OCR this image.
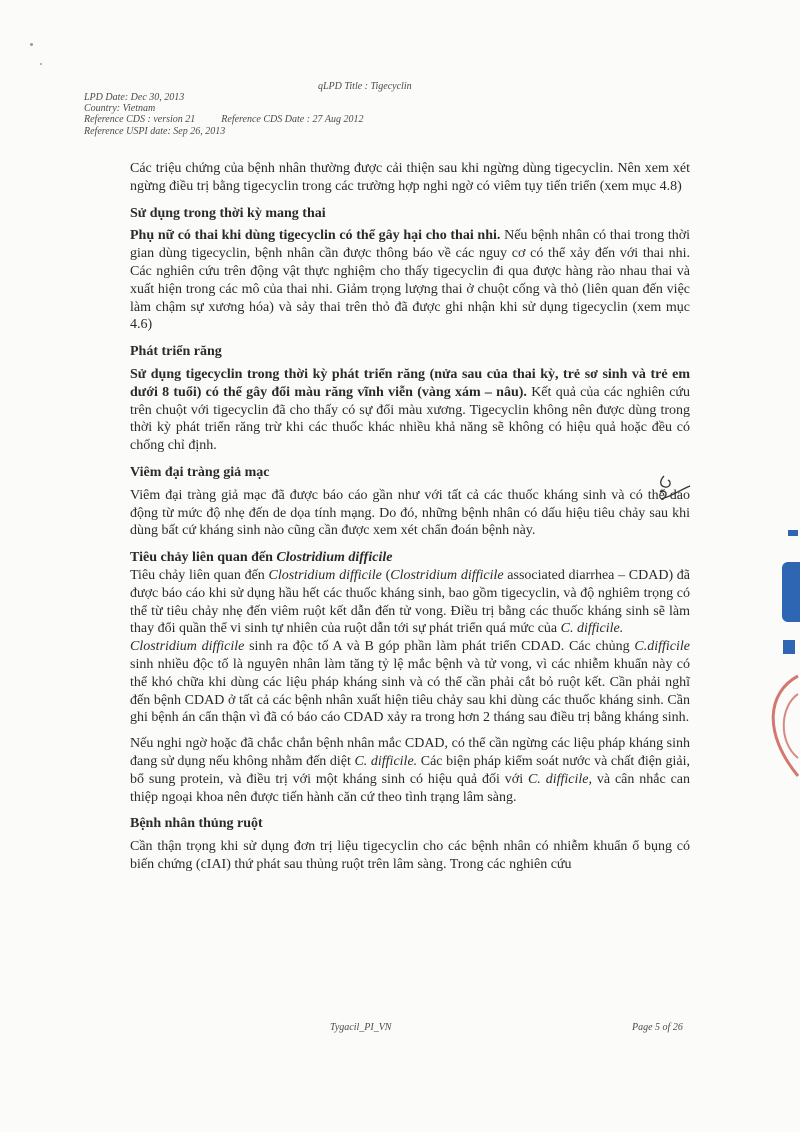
qLPD Title : Tigecyclin
LPD Date: Dec 30, 2013
Country: Vietnam
Reference CDS : version 21	Reference CDS Date : 27 Aug 2012
Reference USPI date: Sep 26, 2013

Các triệu chứng của bệnh nhân thường được cải thiện sau khi ngừng dùng tigecyclin. Nên xem xét ngừng điều trị bằng tigecyclin trong các trường hợp nghi ngờ có viêm tụy tiến triển (xem mục 4.8)

Sử dụng trong thời kỳ mang thai

Phụ nữ có thai khi dùng tigecyclin có thể gây hại cho thai nhi. Nếu bệnh nhân có thai trong thời gian dùng tigecyclin, bệnh nhân cần được thông báo về các nguy cơ có thể xảy đến với thai nhi. Các nghiên cứu trên động vật thực nghiệm cho thấy tigecyclin đi qua được hàng rào nhau thai và xuất hiện trong các mô của thai nhi. Giảm trọng lượng thai ở chuột cống và thỏ (liên quan đến việc làm chậm sự xương hóa) và sảy thai trên thỏ đã được ghi nhận khi sử dụng tigecyclin (xem mục 4.6)

Phát triển răng

Sử dụng tigecyclin trong thời kỳ phát triển răng (nửa sau của thai kỳ, trẻ sơ sinh và trẻ em dưới 8 tuổi) có thể gây đổi màu răng vĩnh viễn (vàng xám – nâu). Kết quả của các nghiên cứu trên chuột với tigecyclin đã cho thấy có sự đổi màu xương. Tigecyclin không nên được dùng trong thời kỳ phát triển răng trừ khi các thuốc khác nhiều khả năng sẽ không có hiệu quả hoặc đều có chống chỉ định.

Viêm đại tràng giả mạc

Viêm đại tràng giả mạc đã được báo cáo gần như với tất cả các thuốc kháng sinh và có thể dao động từ mức độ nhẹ đến de dọa tính mạng. Do đó, những bệnh nhân có dấu hiệu tiêu chảy sau khi dùng bất cứ kháng sinh nào cũng cần được xem xét chẩn đoán bệnh này.

Tiêu chảy liên quan đến Clostridium difficile

Tiêu chảy liên quan đến Clostridium difficile (Clostridium difficile associated diarrhea – CDAD) đã được báo cáo khi sử dụng hầu hết các thuốc kháng sinh, bao gồm tigecyclin, và độ nghiêm trọng có thể từ tiêu chảy nhẹ đến viêm ruột kết dẫn đến tử vong. Điều trị bằng các thuốc kháng sinh sẽ làm thay đổi quần thể vi sinh tự nhiên của ruột dẫn tới sự phát triển quá mức của C. difficile.

Clostridium difficile sinh ra độc tố A và B góp phần làm phát triển CDAD. Các chủng C.difficile sinh nhiều độc tố là nguyên nhân làm tăng tỷ lệ mắc bệnh và tử vong, vì các nhiễm khuẩn này có thể khó chữa khi dùng các liệu pháp kháng sinh và có thể cần phải cắt bỏ ruột kết. Cần phải nghĩ đến bệnh CDAD ở tất cả các bệnh nhân xuất hiện tiêu chảy sau khi dùng các thuốc kháng sinh. Cần ghi bệnh án cẩn thận vì đã có báo cáo CDAD xảy ra trong hơn 2 tháng sau điều trị bằng kháng sinh.

Nếu nghi ngờ hoặc đã chắc chắn bệnh nhân mắc CDAD, có thể cần ngừng các liệu pháp kháng sinh đang sử dụng nếu không nhằm đến diệt C. difficile. Các biện pháp kiểm soát nước và chất điện giải, bổ sung protein, và điều trị với một kháng sinh có hiệu quả đối với C. difficile, và cân nhắc can thiệp ngoại khoa nên được tiến hành căn cứ theo tình trạng lâm sàng.

Bệnh nhân thủng ruột

Cần thận trọng khi sử dụng đơn trị liệu tigecyclin cho các bệnh nhân có nhiễm khuẩn ổ bụng có biến chứng (cIAI) thứ phát sau thủng ruột trên lâm sàng. Trong các nghiên cứu

Tygacil_PI_VN	Page 5 of 26
